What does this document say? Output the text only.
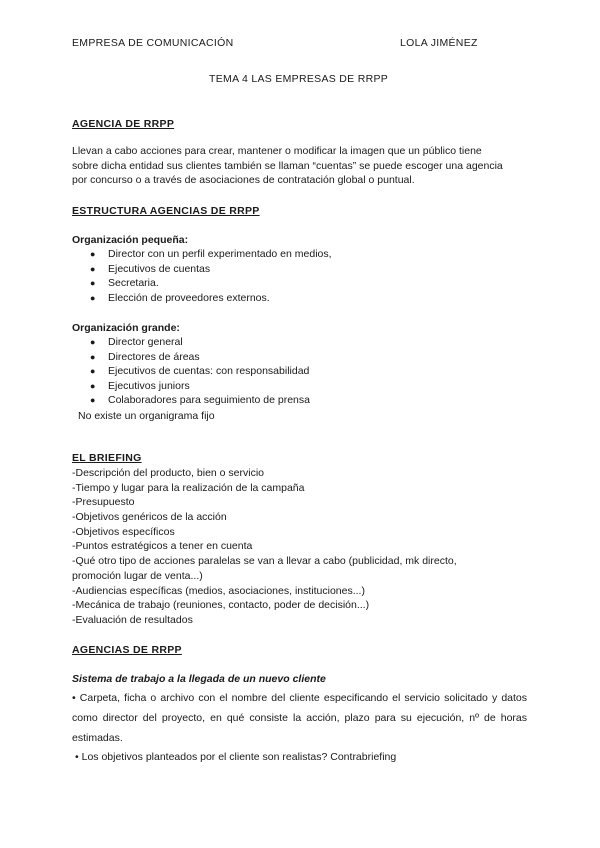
EMPRESA DE COMUNICACIÓN	LOLA JIMÉNEZ
TEMA 4 LAS EMPRESAS DE RRPP
AGENCIA DE RRPP
Llevan a cabo acciones para crear, mantener o modificar la imagen que un público tiene
sobre dicha entidad sus clientes también se llaman “cuentas” se puede escoger una agencia
por concurso o a través de asociaciones de contratación global o puntual.
ESTRUCTURA AGENCIAS DE RRPP
Organización pequeña:
● Director con un perfil experimentado en medios,
● Ejecutivos de cuentas
● Secretaria.
● Elección de proveedores externos.
Organización grande:
● Director general
● Directores de áreas
● Ejecutivos de cuentas: con responsabilidad
● Ejecutivos juniors
● Colaboradores para seguimiento de prensa
No existe un organigrama fijo
EL BRIEFING
-Descripción del producto, bien o servicio
-Tiempo y lugar para la realización de la campaña
-Presupuesto
-Objetivos genéricos de la acción
-Objetivos específicos
-Puntos estratégicos a tener en cuenta
-Qué otro tipo de acciones paralelas se van a llevar a cabo (publicidad, mk directo,
promoción lugar de venta...)
-Audiencias específicas (medios, asociaciones, instituciones...)
-Mecánica de trabajo (reuniones, contacto, poder de decisión...)
-Evaluación de resultados
AGENCIAS DE RRPP
Sistema de trabajo a la llegada de un nuevo cliente
• Carpeta, ficha o archivo con el nombre del cliente especificando el servicio solicitado y datos como director del proyecto, en qué consiste la acción, plazo para su ejecución, nº de horas estimadas.
• Los objetivos planteados por el cliente son realistas? Contrabriefing
